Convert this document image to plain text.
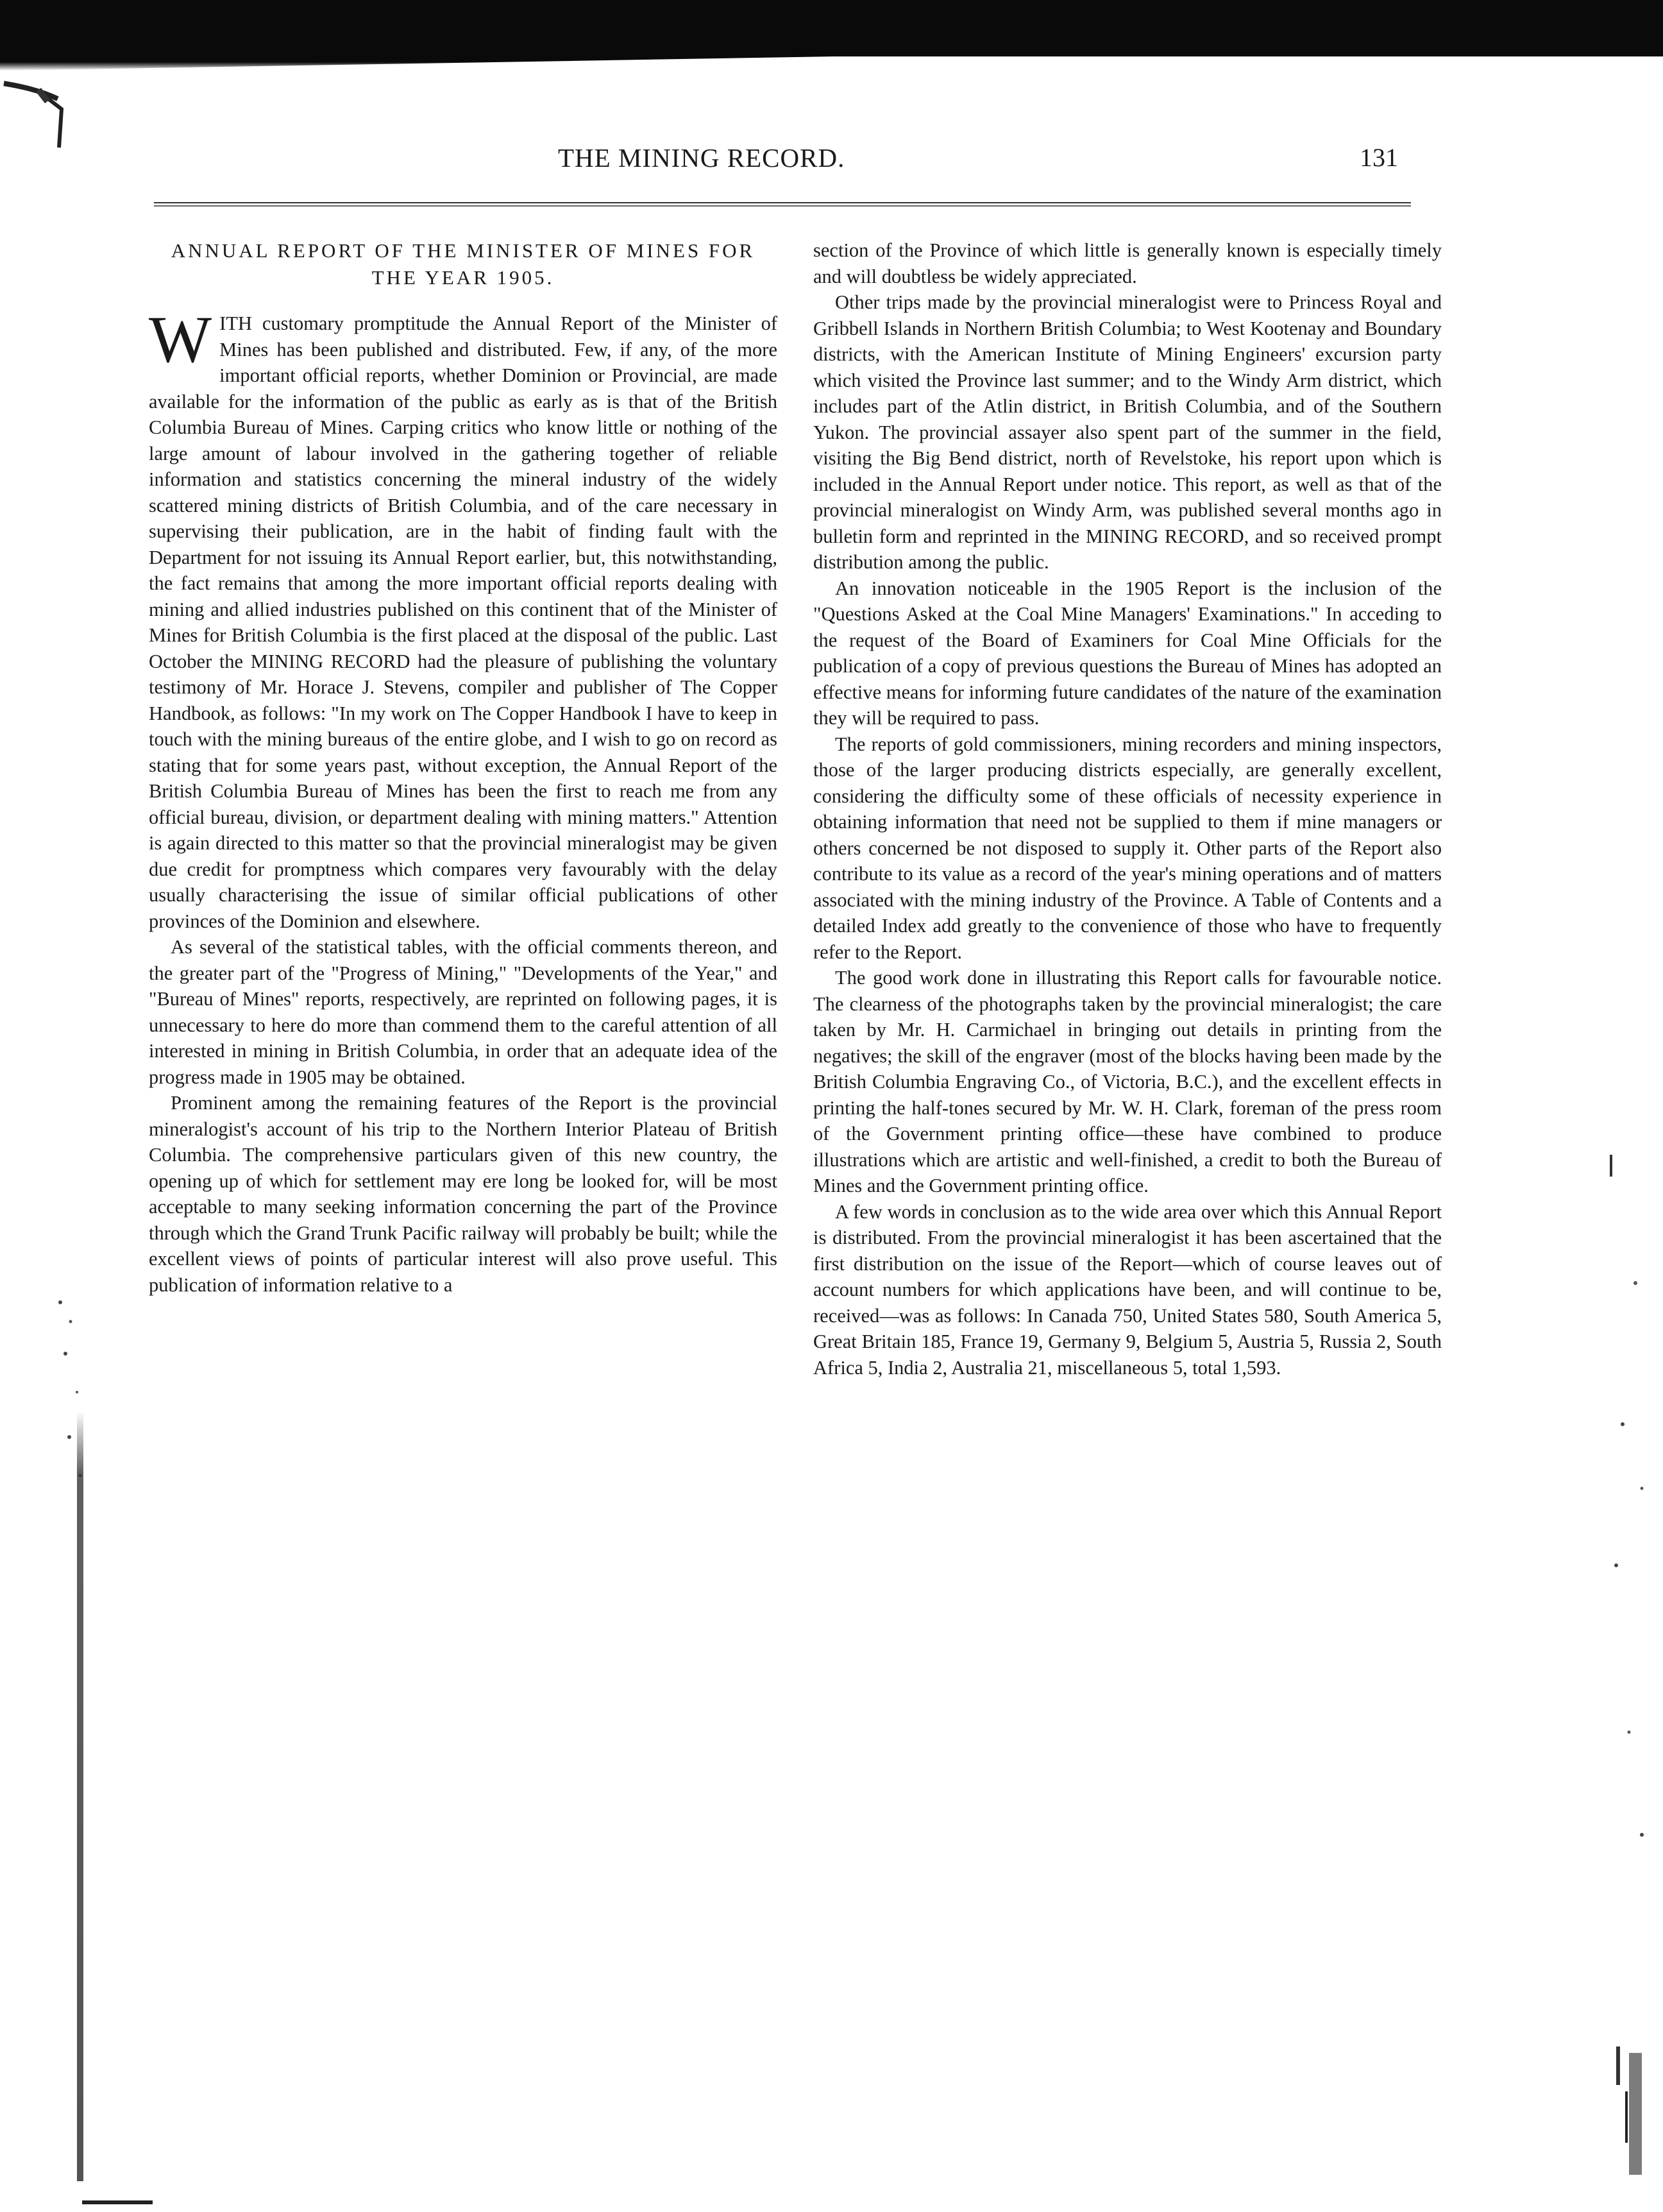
THE MINING RECORD.	131
ANNUAL REPORT OF THE MINISTER OF MINES FOR THE YEAR 1905.

WITH customary promptitude the Annual Report of the Minister of Mines has been published and distributed. Few, if any, of the more important official reports, whether Dominion or Provincial, are made available for the information of the public as early as is that of the British Columbia Bureau of Mines. Carping critics who know little or nothing of the large amount of labour involved in the gathering together of reliable information and statistics concerning the mineral industry of the widely scattered mining districts of British Columbia, and of the care necessary in supervising their publication, are in the habit of finding fault with the Department for not issuing its Annual Report earlier, but, this notwithstanding, the fact remains that among the more important official reports dealing with mining and allied industries published on this continent that of the Minister of Mines for British Columbia is the first placed at the disposal of the public. Last October the MINING RECORD had the pleasure of publishing the voluntary testimony of Mr. Horace J. Stevens, compiler and publisher of The Copper Handbook, as follows: "In my work on The Copper Handbook I have to keep in touch with the mining bureaus of the entire globe, and I wish to go on record as stating that for some years past, without exception, the Annual Report of the British Columbia Bureau of Mines has been the first to reach me from any official bureau, division, or department dealing with mining matters." Attention is again directed to this matter so that the provincial mineralogist may be given due credit for promptness which compares very favourably with the delay usually characterising the issue of similar official publications of other provinces of the Dominion and elsewhere.

As several of the statistical tables, with the official comments thereon, and the greater part of the "Progress of Mining," "Developments of the Year," and "Bureau of Mines" reports, respectively, are reprinted on following pages, it is unnecessary to here do more than commend them to the careful attention of all interested in mining in British Columbia, in order that an adequate idea of the progress made in 1905 may be obtained.

Prominent among the remaining features of the Report is the provincial mineralogist's account of his trip to the Northern Interior Plateau of British Columbia. The comprehensive particulars given of this new country, the opening up of which for settlement may ere long be looked for, will be most acceptable to many seeking information concerning the part of the Province through which the Grand Trunk Pacific railway will probably be built; while the excellent views of points of particular interest will also prove useful. This publication of information relative to a

section of the Province of which little is generally known is especially timely and will doubtless be widely appreciated.

Other trips made by the provincial mineralogist were to Princess Royal and Gribbell Islands in Northern British Columbia; to West Kootenay and Boundary districts, with the American Institute of Mining Engineers' excursion party which visited the Province last summer; and to the Windy Arm district, which includes part of the Atlin district, in British Columbia, and of the Southern Yukon. The provincial assayer also spent part of the summer in the field, visiting the Big Bend district, north of Revelstoke, his report upon which is included in the Annual Report under notice. This report, as well as that of the provincial mineralogist on Windy Arm, was published several months ago in bulletin form and reprinted in the MINING RECORD, and so received prompt distribution among the public.

An innovation noticeable in the 1905 Report is the inclusion of the "Questions Asked at the Coal Mine Managers' Examinations." In acceding to the request of the Board of Examiners for Coal Mine Officials for the publication of a copy of previous questions the Bureau of Mines has adopted an effective means for informing future candidates of the nature of the examination they will be required to pass.

The reports of gold commissioners, mining recorders and mining inspectors, those of the larger producing districts especially, are generally excellent, considering the difficulty some of these officials of necessity experience in obtaining information that need not be supplied to them if mine managers or others concerned be not disposed to supply it. Other parts of the Report also contribute to its value as a record of the year's mining operations and of matters associated with the mining industry of the Province. A Table of Contents and a detailed Index add greatly to the convenience of those who have to frequently refer to the Report.

The good work done in illustrating this Report calls for favourable notice. The clearness of the photographs taken by the provincial mineralogist; the care taken by Mr. H. Carmichael in bringing out details in printing from the negatives; the skill of the engraver (most of the blocks having been made by the British Columbia Engraving Co., of Victoria, B.C.), and the excellent effects in printing the half-tones secured by Mr. W. H. Clark, foreman of the press room of the Government printing office—these have combined to produce illustrations which are artistic and well-finished, a credit to both the Bureau of Mines and the Government printing office.

A few words in conclusion as to the wide area over which this Annual Report is distributed. From the provincial mineralogist it has been ascertained that the first distribution on the issue of the Report—which of course leaves out of account numbers for which applications have been, and will continue to be, received—was as follows: In Canada 750, United States 580, South America 5, Great Britain 185, France 19, Germany 9, Belgium 5, Austria 5, Russia 2, South Africa 5, India 2, Australia 21, miscellaneous 5, total 1,593.
